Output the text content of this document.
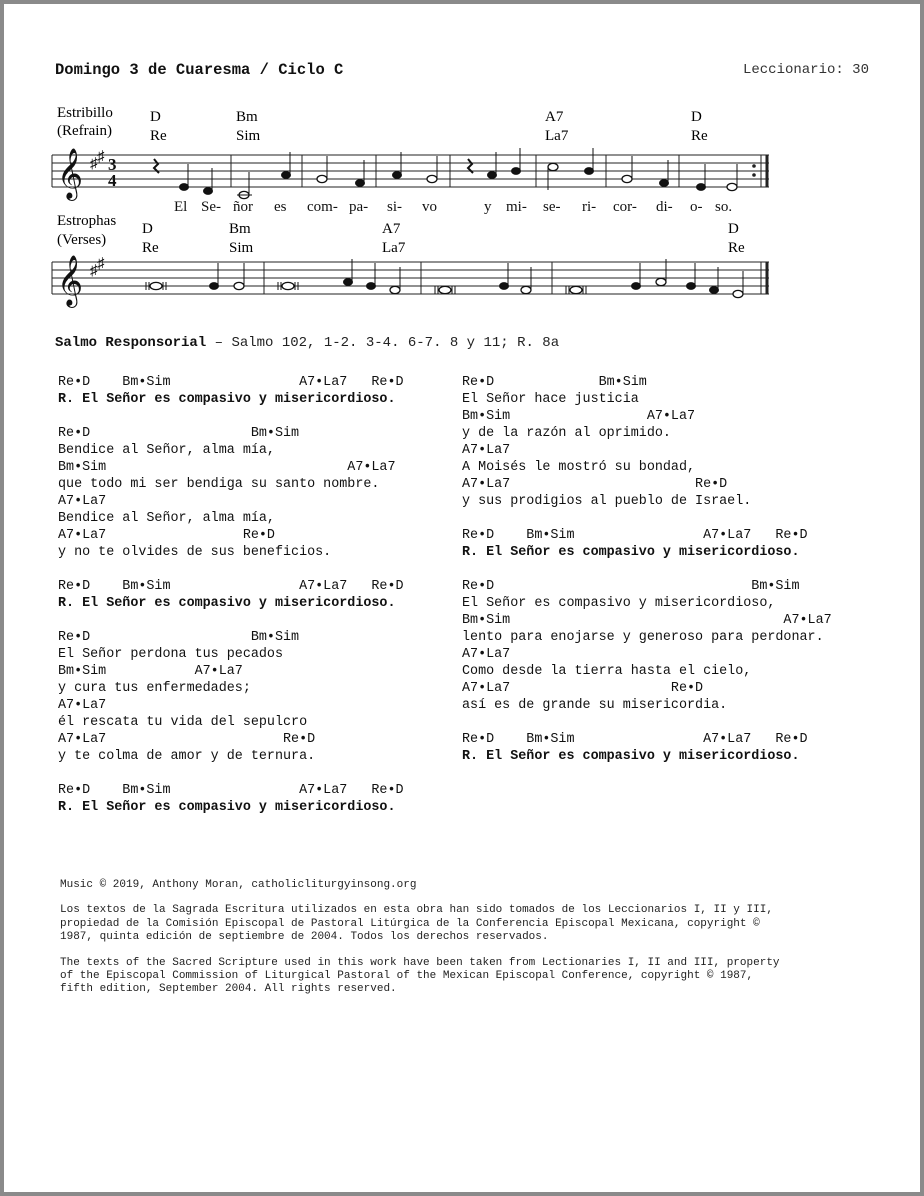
Domingo 3 de Cuaresma / Ciclo C	Leccionario: 30
Estribillo
(Refrain)
D
Re
Bm
Sim
A7
La7
D
Re
𝄞 ♯ ♯ 3
4
El Se- ñor es com- pa- si- vo	y mi- se- ri- cor- di- o- so.
Estrophas
(Verses)
D
Re
Bm
Sim
A7
La7
D
Re
𝄞 ♯ ♯
Salmo Responsorial – Salmo 102, 1-2. 3-4. 6-7. 8 y 11; R. 8a
Re•D    Bm•Sim                A7•La7   Re•D
R. El Señor es compasivo y misericordioso.
Re•D                    Bm•Sim
Bendice al Señor, alma mía,
Bm•Sim                              A7•La7
que todo mi ser bendiga su santo nombre.
A7•La7
Bendice al Señor, alma mía,
A7•La7                 Re•D
y no te olvides de sus beneficios.
Re•D    Bm•Sim                A7•La7   Re•D
R. El Señor es compasivo y misericordioso.
Re•D                    Bm•Sim
El Señor perdona tus pecados
Bm•Sim           A7•La7
y cura tus enfermedades;
A7•La7
él rescata tu vida del sepulcro
A7•La7                      Re•D
y te colma de amor y de ternura.
Re•D    Bm•Sim                A7•La7   Re•D
R. El Señor es compasivo y misericordioso.
Re•D             Bm•Sim
El Señor hace justicia
Bm•Sim                 A7•La7
y de la razón al oprimido.
A7•La7
A Moisés le mostró su bondad,
A7•La7                       Re•D
y sus prodigios al pueblo de Israel.
Re•D    Bm•Sim                A7•La7   Re•D
R. El Señor es compasivo y misericordioso.
Re•D                                Bm•Sim
El Señor es compasivo y misericordioso,
Bm•Sim                                  A7•La7
lento para enojarse y generoso para perdonar.
A7•La7
Como desde la tierra hasta el cielo,
A7•La7                    Re•D
así es de grande su misericordia.
Re•D    Bm•Sim                A7•La7   Re•D
R. El Señor es compasivo y misericordioso.

Music © 2019, Anthony Moran, catholicliturgyinsong.org

Los textos de la Sagrada Escritura utilizados en esta obra han sido tomados de los Leccionarios I, II y III,
propiedad de la Comisión Episcopal de Pastoral Litúrgica de la Conferencia Episcopal Mexicana, copyright ©
1987, quinta edición de septiembre de 2004. Todos los derechos reservados.

The texts of the Sacred Scripture used in this work have been taken from Lectionaries I, II and III, property
of the Episcopal Commission of Liturgical Pastoral of the Mexican Episcopal Conference, copyright © 1987,
fifth edition, September 2004. All rights reserved.
